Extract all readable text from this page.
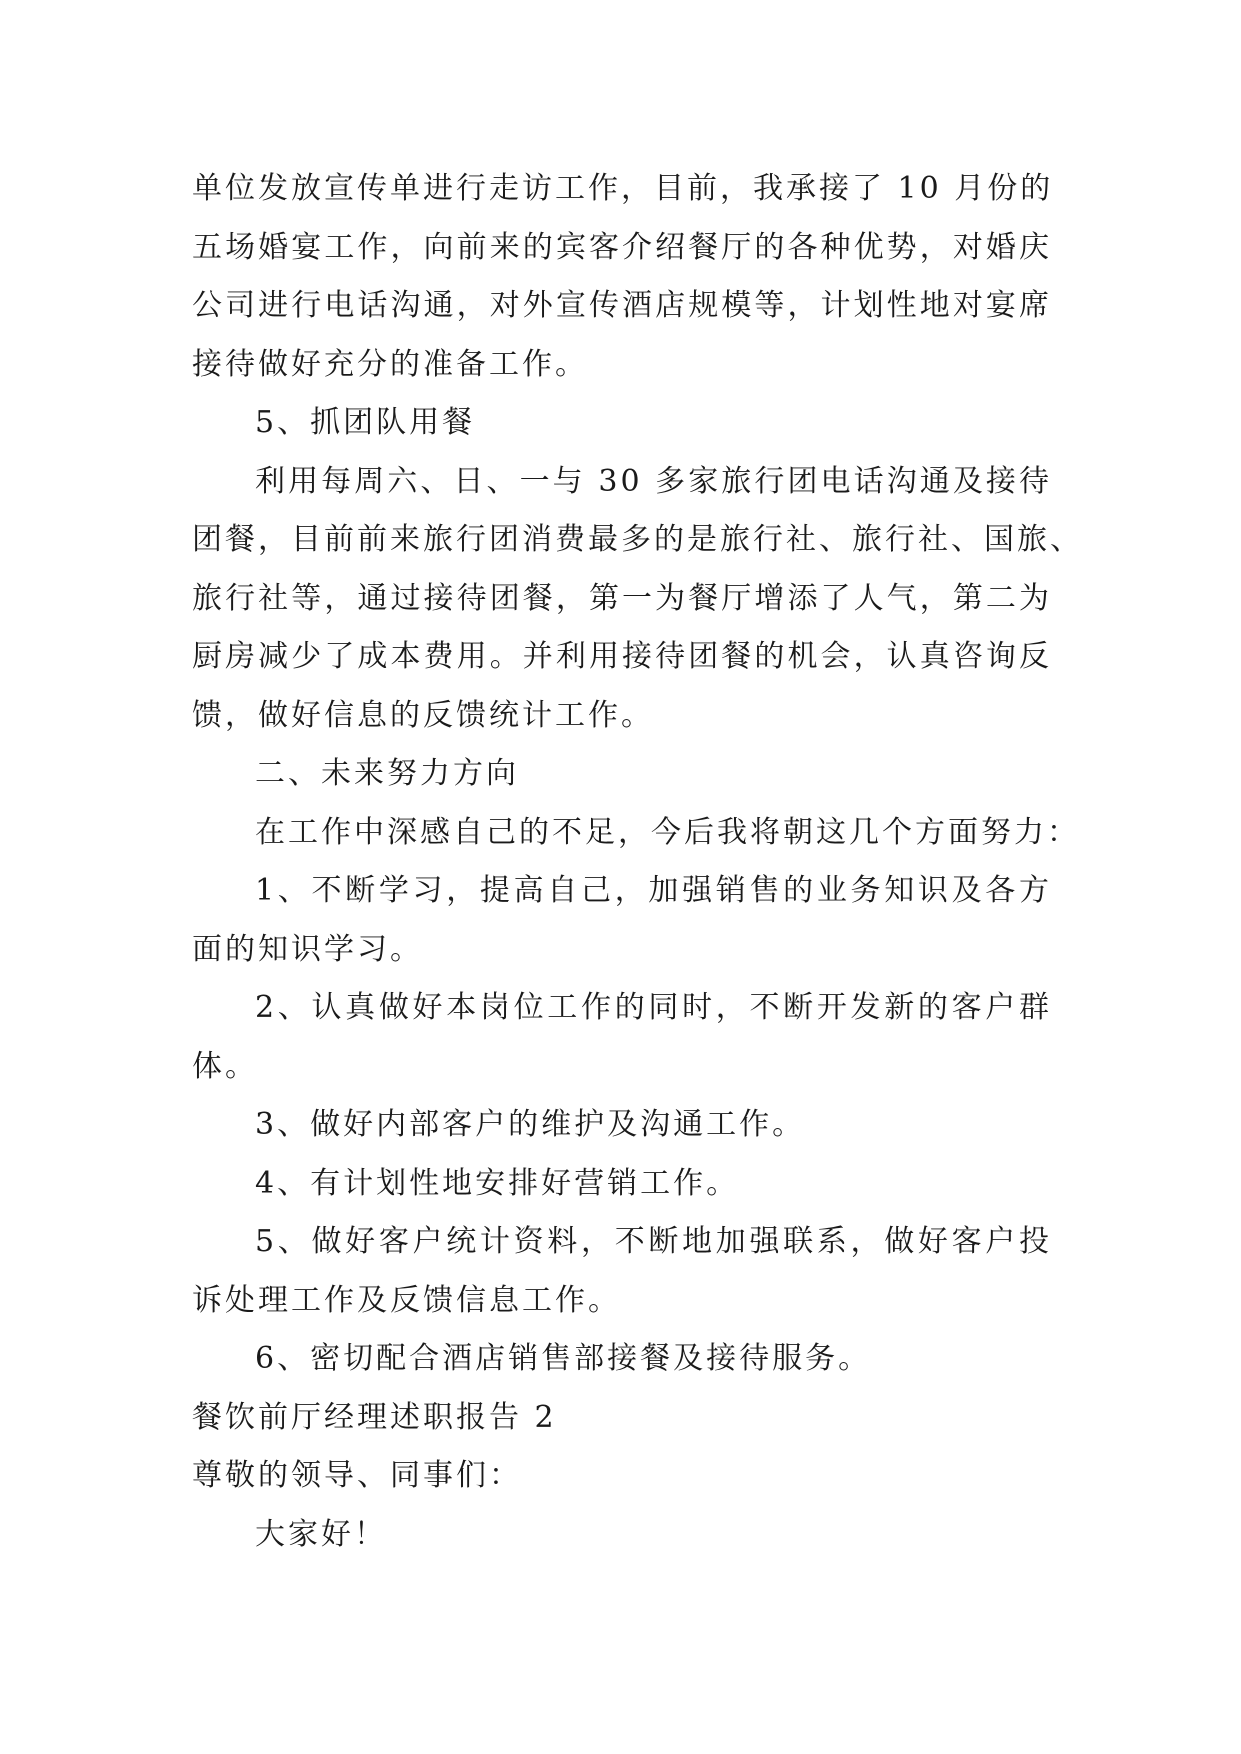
单位发放宣传单进行走访工作，目前，我承接了 10 月份的
五场婚宴工作，向前来的宾客介绍餐厅的各种优势，对婚庆
公司进行电话沟通，对外宣传酒店规模等，计划性地对宴席
接待做好充分的准备工作。
5、抓团队用餐
利用每周六、日、一与 30 多家旅行团电话沟通及接待
团餐，目前前来旅行团消费最多的是旅行社、旅行社、国旅、
旅行社等，通过接待团餐，第一为餐厅增添了人气，第二为
厨房减少了成本费用。并利用接待团餐的机会，认真咨询反
馈，做好信息的反馈统计工作。
二、未来努力方向
在工作中深感自己的不足，今后我将朝这几个方面努力：
1、不断学习，提高自己，加强销售的业务知识及各方
面的知识学习。
2、认真做好本岗位工作的同时，不断开发新的客户群
体。
3、做好内部客户的维护及沟通工作。
4、有计划性地安排好营销工作。
5、做好客户统计资料，不断地加强联系，做好客户投
诉处理工作及反馈信息工作。
6、密切配合酒店销售部接餐及接待服务。
餐饮前厅经理述职报告 2
尊敬的领导、同事们：
大家好！
